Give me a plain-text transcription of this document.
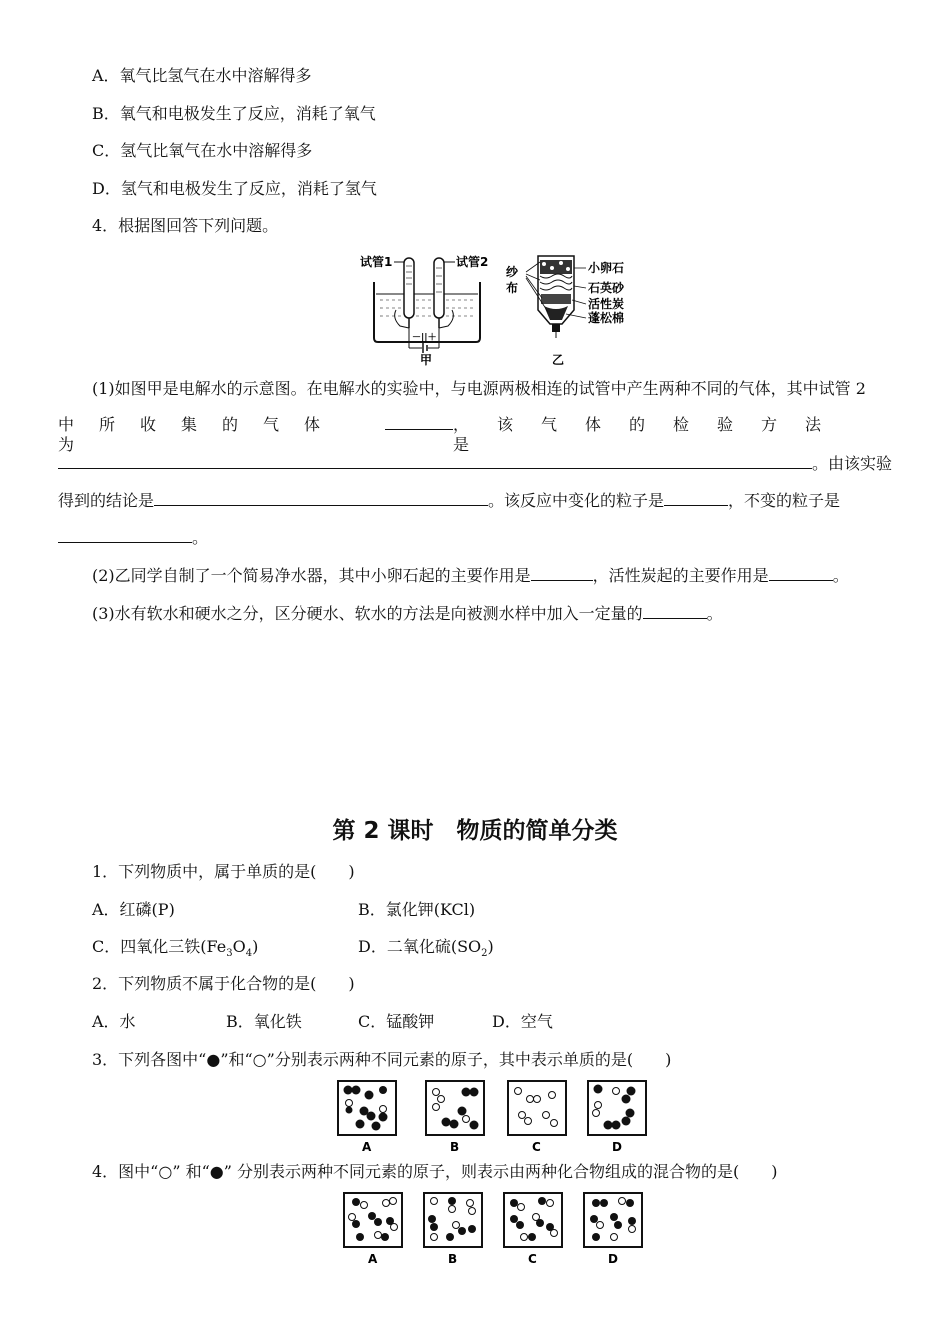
A．氧气比氢气在水中溶解得多
B．氧气和电极发生了反应，消耗了氧气
C．氢气比氧气在水中溶解得多
D．氢气和电极发生了反应，消耗了氢气
4．根据图回答下列问题。
－||＋
试管1	试管2
甲
纱
布
小卵石
石英砂
活性炭
蓬松棉
乙
(1)如图甲是电解水的示意图。在电解水的实验中，与电源两极相连的试管中产生两种不同的气体，其中试管 2
中所收集的气体为
，该气体的检验方法是
。由该实验
得到的结论是	。该反应中变化的粒子是	，不变的粒子是
。
(2)乙同学自制了一个简易净水器，其中小卵石起的主要作用是	，活性炭起的主要作用是	。
(3)水有软水和硬水之分，区分硬水、软水的方法是向被测水样中加入一定量的	。
第 2 课时　物质的简单分类
1．下列物质中，属于单质的是(　　)
A．红磷(P)	B．氯化钾(KCl)
C．四氧化三铁$(Fe_3O_4)$	D．二氧化硫$(SO_2)$
2．下列物质不属于化合物的是(　　)
A．水	B．氧化铁	C．锰酸钾	D．空气
3．下列各图中“●”和“○”分别表示两种不同元素的原子，其中表示单质的是(　　)
A	B	C	D
4．图中“○” 和“●” 分别表示两种不同元素的原子，则表示由两种化合物组成的混合物的是(　　)
A	B	C	D
